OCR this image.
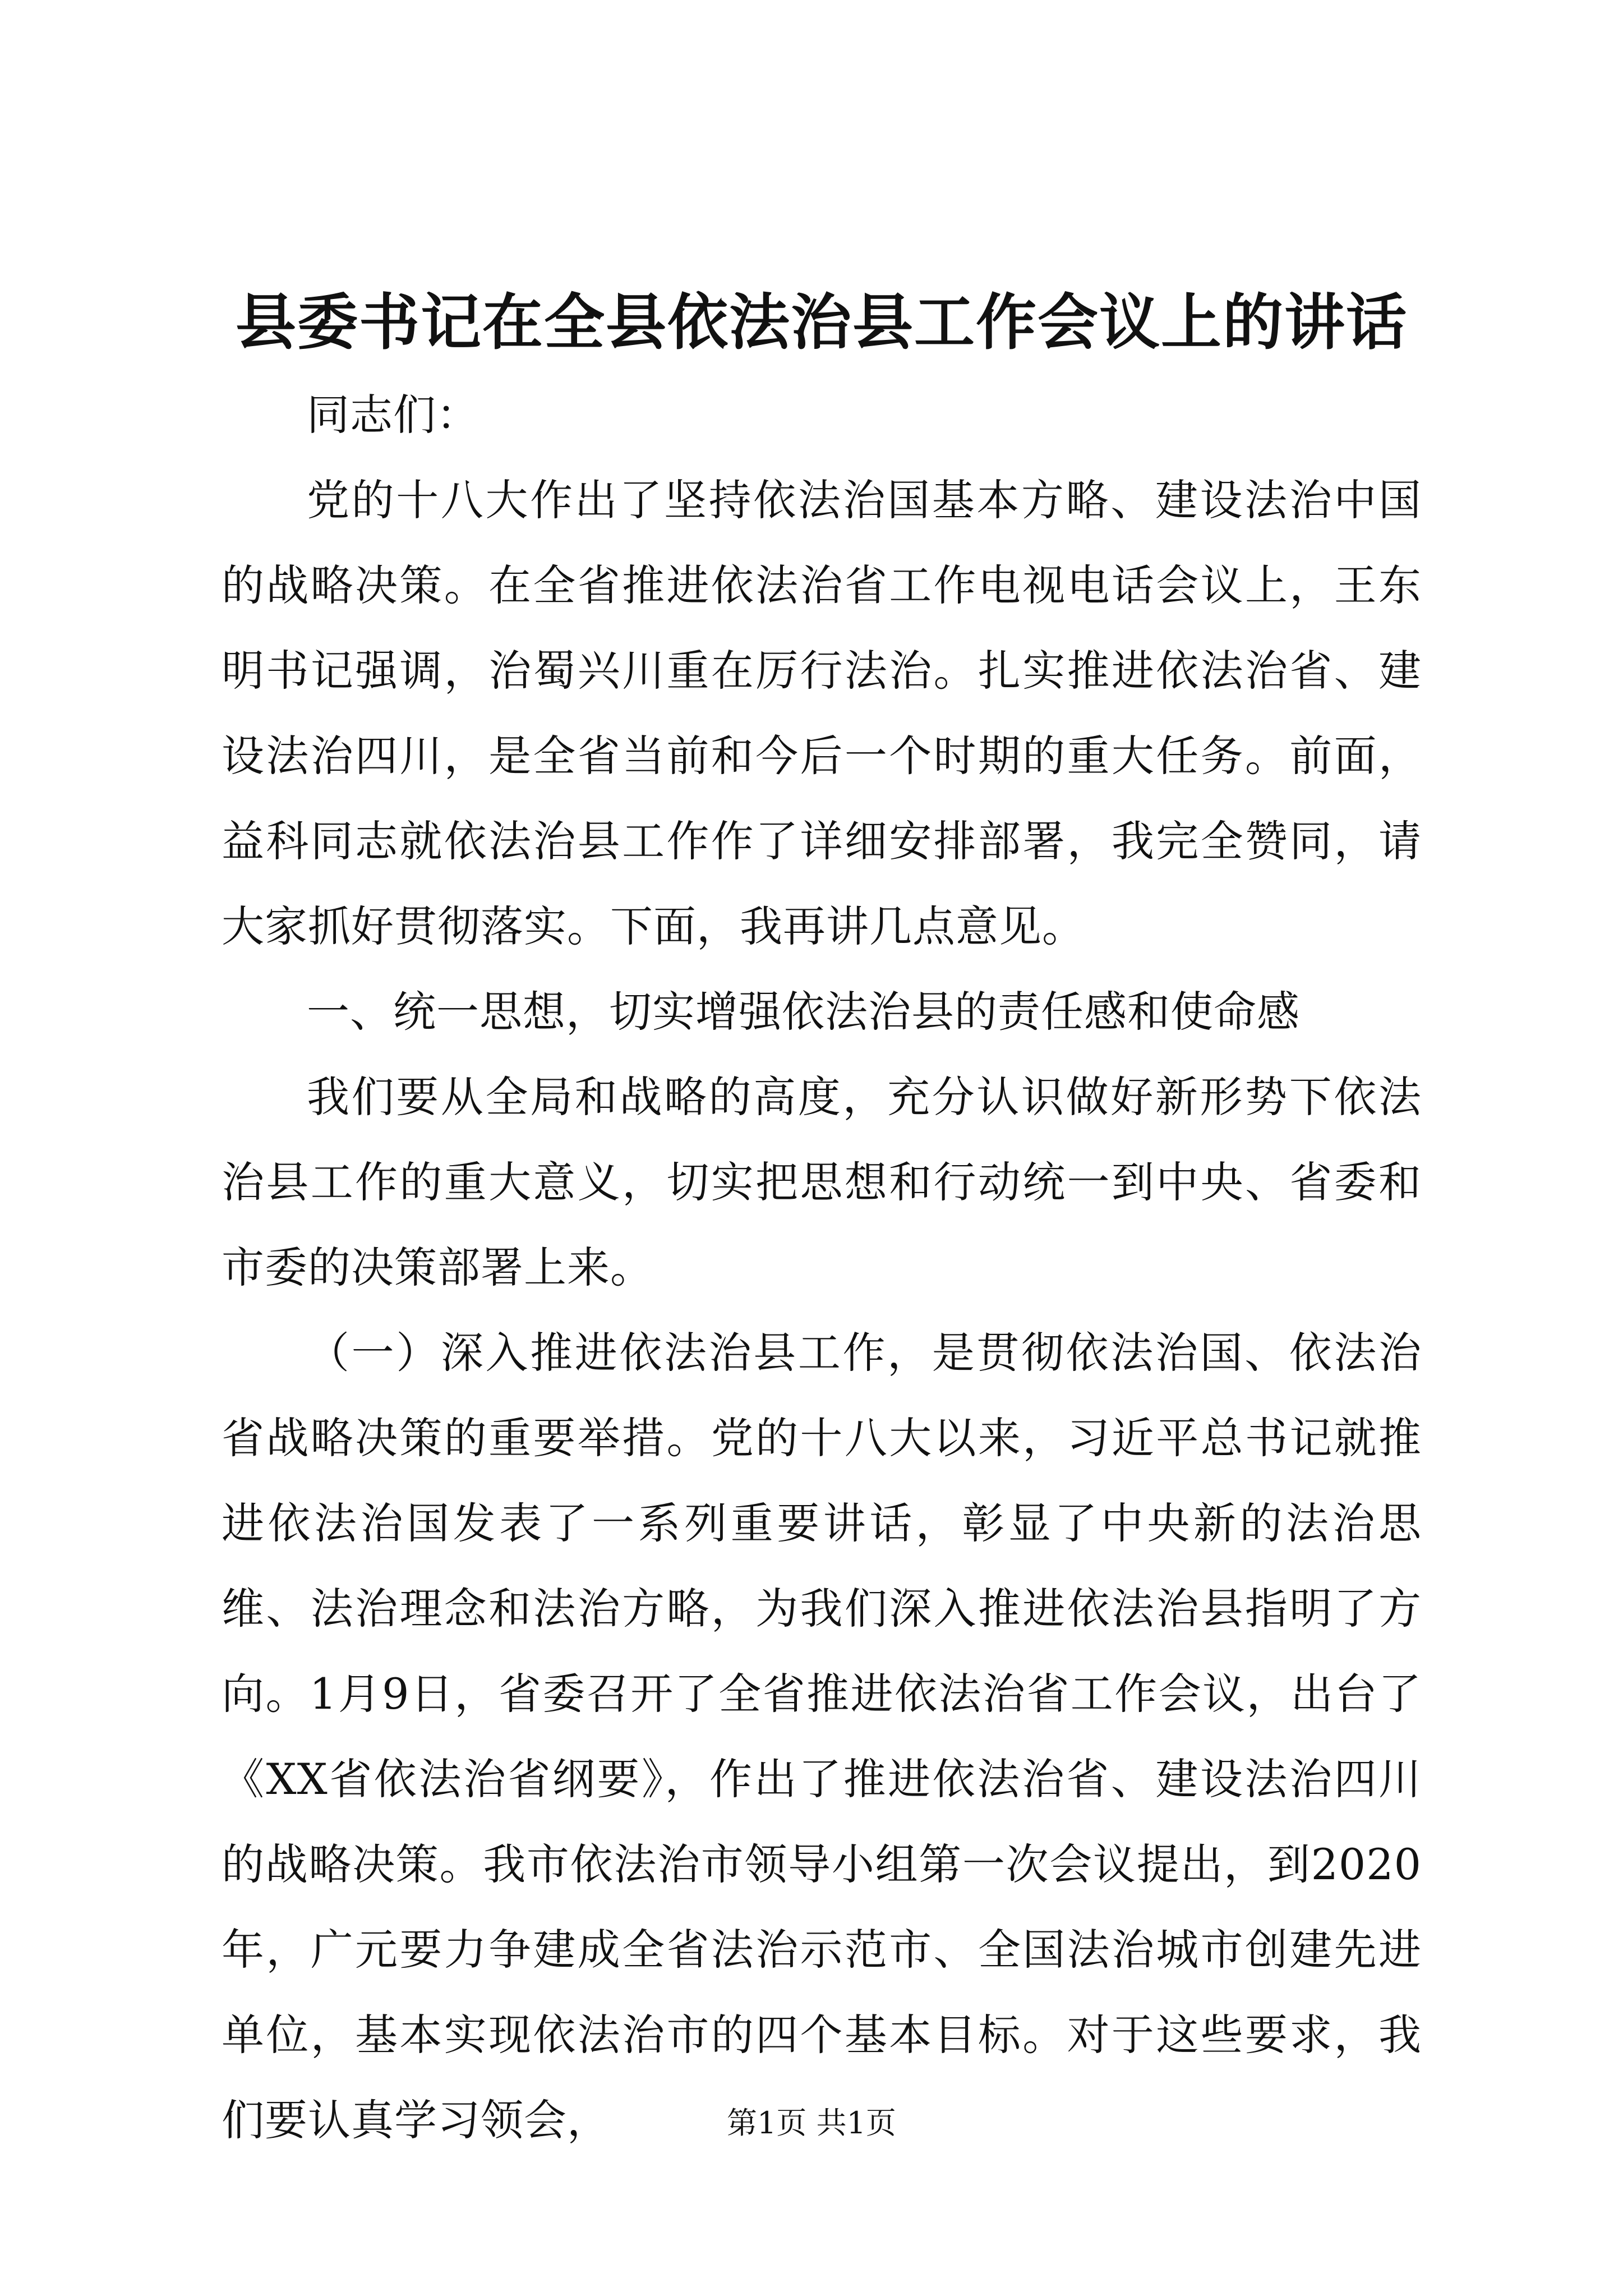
县委书记在全县依法治县工作会议上的讲话

同志们：

党的十八大作出了坚持依法治国基本方略、建设法治中国的战略决策。在全省推进依法治省工作电视电话会议上，王东明书记强调，治蜀兴川重在厉行法治。扎实推进依法治省、建设法治四川，是全省当前和今后一个时期的重大任务。前面，益科同志就依法治县工作作了详细安排部署，我完全赞同，请大家抓好贯彻落实。下面，我再讲几点意见。

一、统一思想，切实增强依法治县的责任感和使命感

我们要从全局和战略的高度，充分认识做好新形势下依法治县工作的重大意义，切实把思想和行动统一到中央、省委和市委的决策部署上来。

（一）深入推进依法治县工作，是贯彻依法治国、依法治省战略决策的重要举措。党的十八大以来，习近平总书记就推进依法治国发表了一系列重要讲话，彰显了中央新的法治思维、法治理念和法治方略，为我们深入推进依法治县指明了方向。1月9日，省委召开了全省推进依法治省工作会议，出台了《XX省依法治省纲要》，作出了推进依法治省、建设法治四川的战略决策。我市依法治市领导小组第一次会议提出，到2020年，广元要力争建成全省法治示范市、全国法治城市创建先进单位，基本实现依法治市的四个基本目标。对于这些要求，我们要认真学习领会，	第1页 共1页
